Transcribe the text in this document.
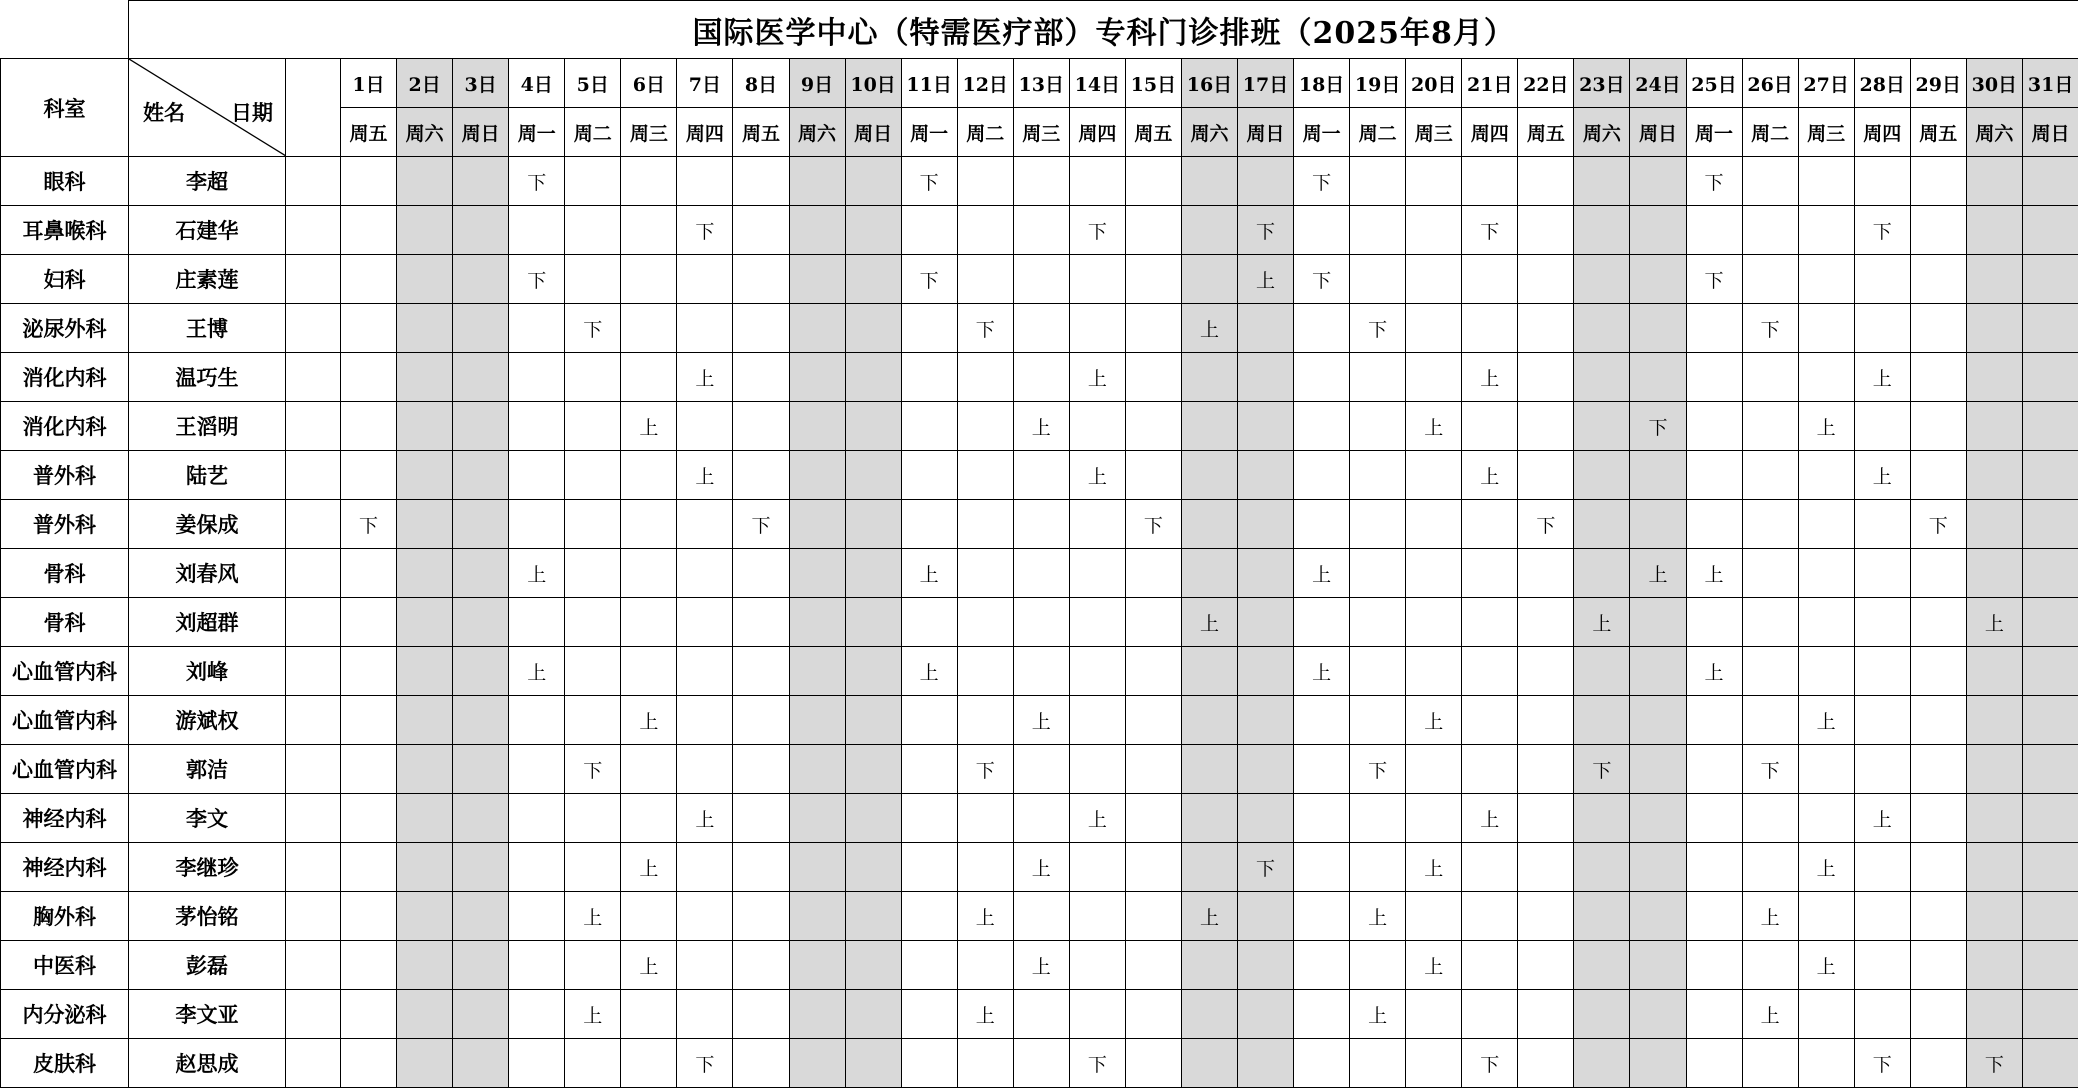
	国际医学中心（特需医疗部）专科门诊排班（2025年8月）																																
科室	姓名 日期		1日	2日	3日	4日	5日	6日	7日	8日	9日	10日	11日	12日	13日	14日	15日	16日	17日	18日	19日	20日	21日	22日	23日	24日	25日	26日	27日	28日	29日	30日	31日
			周五	周六	周日	周一	周二	周三	周四	周五	周六	周日	周一	周二	周三	周四	周五	周六	周日	周一	周二	周三	周四	周五	周六	周日	周一	周二	周三	周四	周五	周六	周日
眼科	李超					下							下							下							下						
耳鼻喉科	石建华								下							下			下				下							下			
妇科	庄素莲					下							下						上	下							下						
泌尿外科	王博						下							下				上			下							下					
消化内科	温巧生								上							上							上							上			
消化内科	王滔明							上							上							上				下			上				
普外科	陆艺								上							上							上							上			
普外科	姜保成		下							下							下							下							下		
骨科	刘春风					上							上							上						上	上						
骨科	刘超群																	上							上							上	
心血管内科	刘峰					上							上							上							上						
心血管内科	游斌权							上							上							上							上				
心血管内科	郭洁						下							下							下				下			下					
神经内科	李文								上							上							上							上			
神经内科	李继珍							上							上				下			上							上				
胸外科	茅怡铭						上							上				上			上							上					
中医科	彭磊							上							上							上							上				
内分泌科	李文亚						上							上							上							上					
皮肤科	赵思成								下							下							下							下		下	
